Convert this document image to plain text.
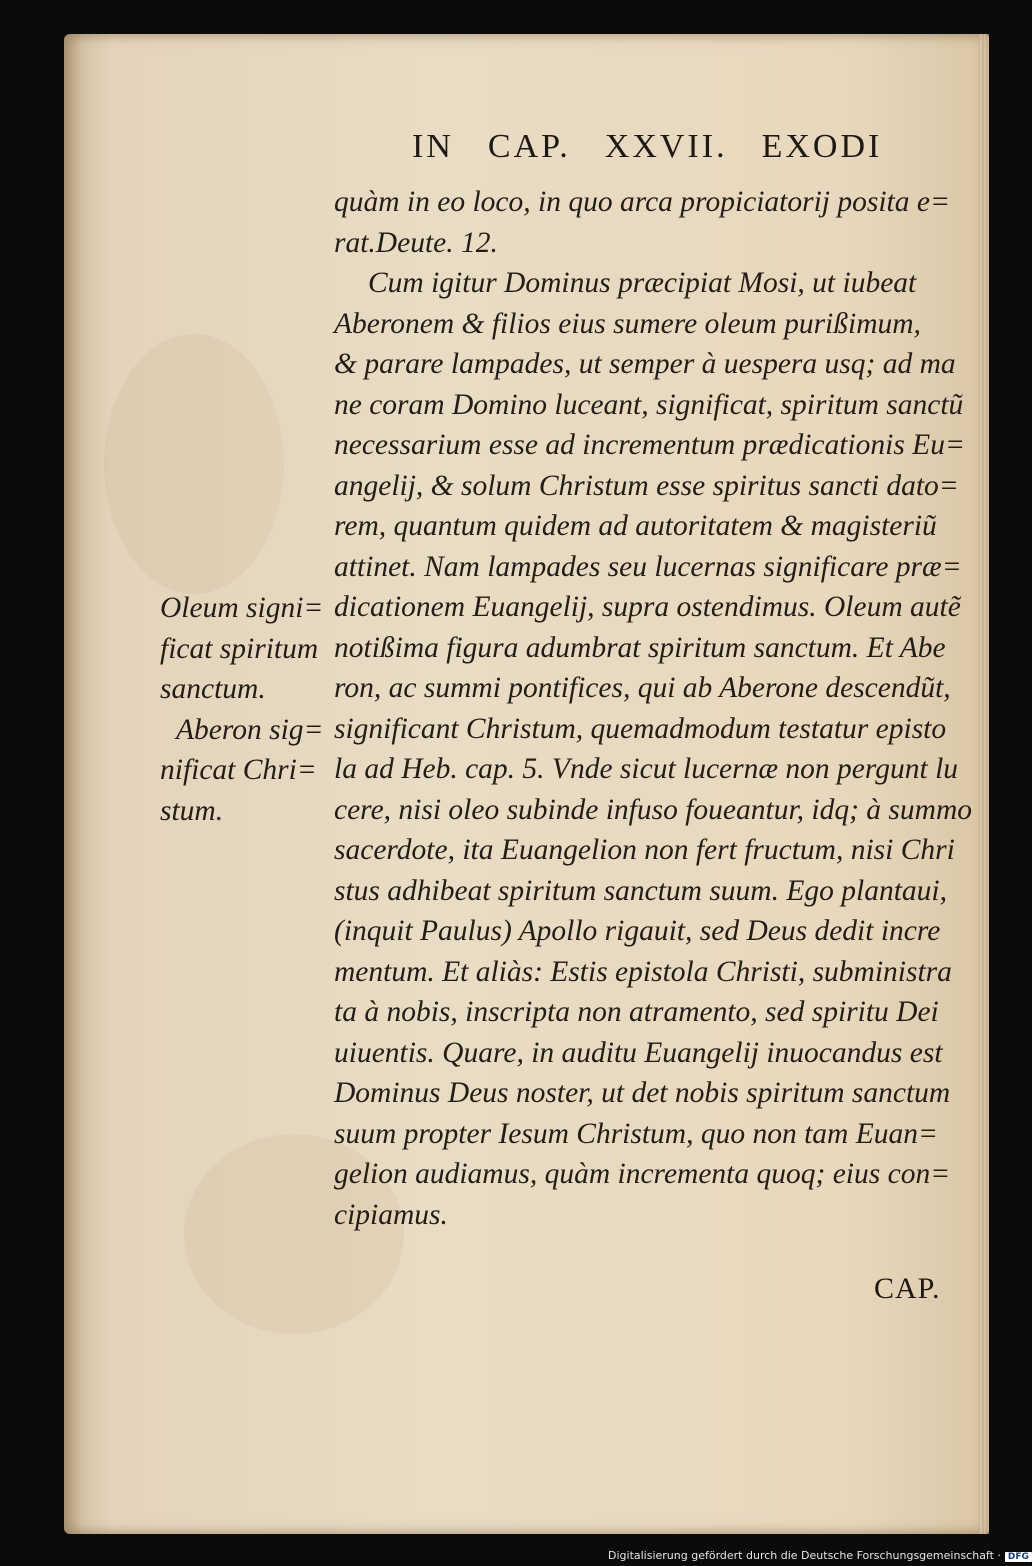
IN CAP. XXVII. EXODI
quàm in eo loco, in quo arca propiciatorij posita e=
rat.Deute. 12.
Cum igitur Dominus præcipiat Mosi, ut iubeat
Aberonem & filios eius sumere oleum purißimum,
& parare lampades, ut semper à uespera usq; ad ma
ne coram Domino luceant, significat, spiritum sanctũ
necessarium esse ad incrementum prædicationis Eu=
angelij, & solum Christum esse spiritus sancti dato=
rem, quantum quidem ad autoritatem & magisteriũ
attinet. Nam lampades seu lucernas significare præ=
dicationem Euangelij, supra ostendimus. Oleum autẽ
notißima figura adumbrat spiritum sanctum. Et Abe
ron, ac summi pontifices, qui ab Aberone descendũt,
significant Christum, quemadmodum testatur episto
la ad Heb. cap. 5. Vnde sicut lucernæ non pergunt lu
cere, nisi oleo subinde infuso foueantur, idq; à summo
sacerdote, ita Euangelion non fert fructum, nisi Chri
stus adhibeat spiritum sanctum suum. Ego plantaui,
(inquit Paulus) Apollo rigauit, sed Deus dedit incre
mentum. Et aliàs: Estis epistola Christi, subministra
ta à nobis, inscripta non atramento, sed spiritu Dei
uiuentis. Quare, in auditu Euangelij inuocandus est
Dominus Deus noster, ut det nobis spiritum sanctum
suum propter Iesum Christum, quo non tam Euan=
gelion audiamus, quàm incrementa quoq; eius con=
cipiamus.
Oleum signi=
ficat spiritum
sanctum.
Aberon sig=
nificat Chri=
stum.
CAP.
Digitalisierung gefördert durch die Deutsche Forschungsgemeinschaft · DFG
